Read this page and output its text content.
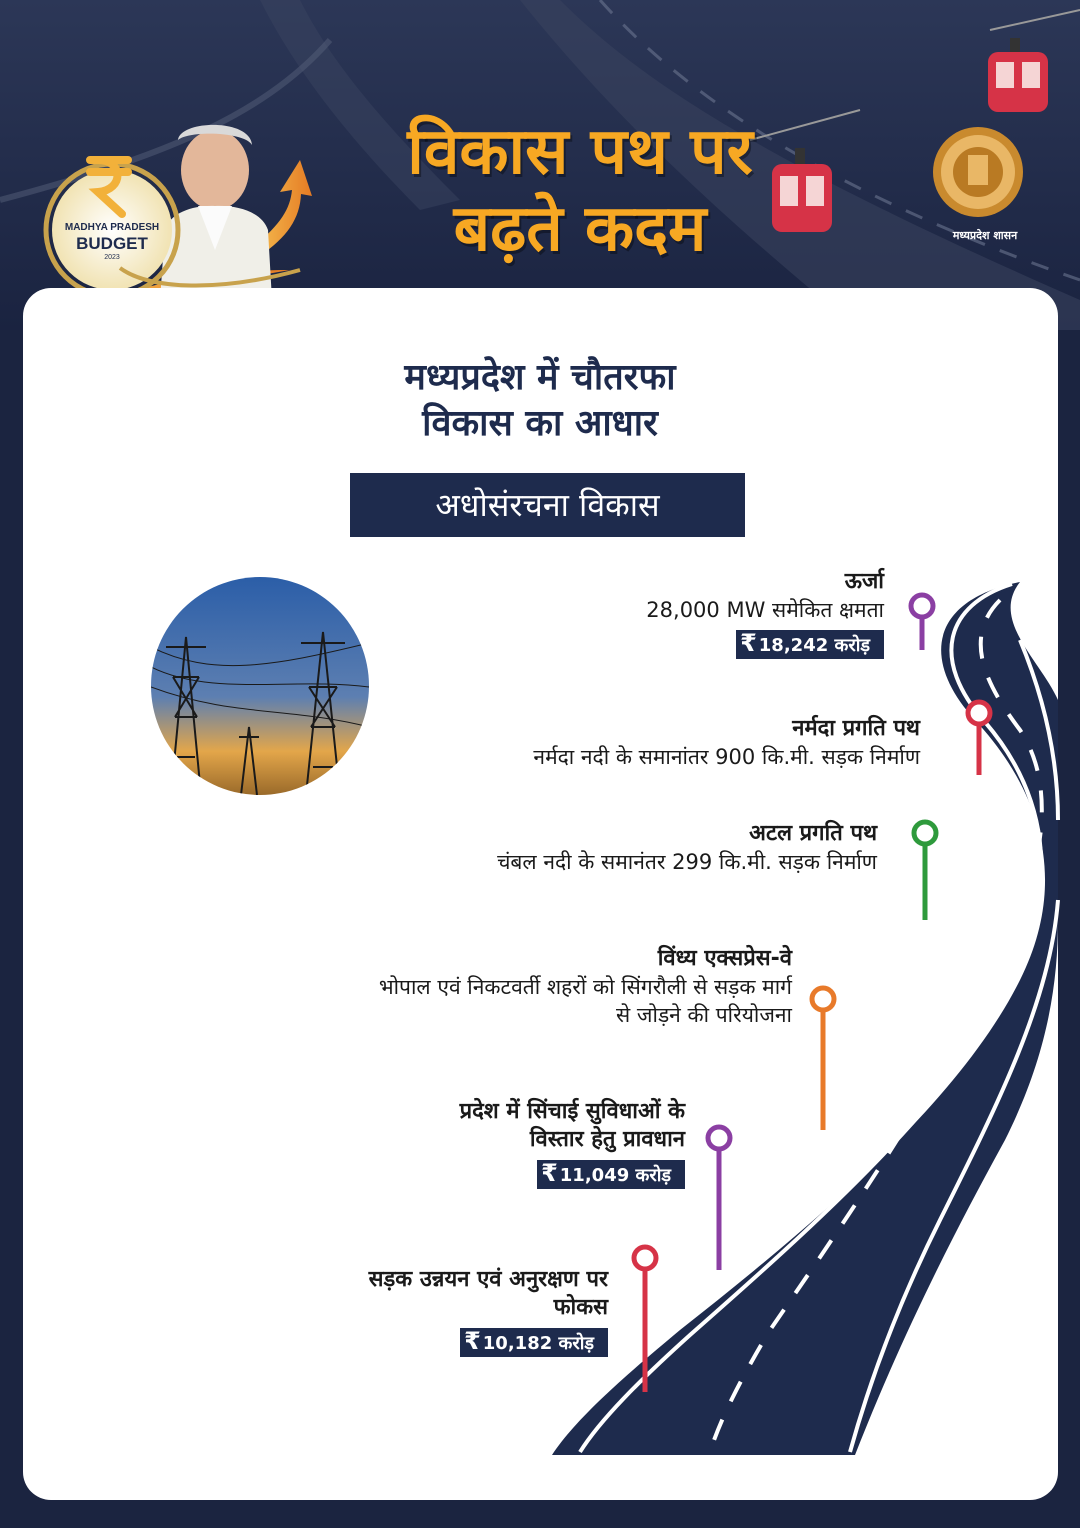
विकास पथ पर
बढ़ते कदम
MADHYA PRADESH
BUDGET
2023
मध्यप्रदेश शासन
मध्यप्रदेश में चौतरफा
विकास का आधार
अधोसंरचना विकास
ऊर्जा
28,000 MW समेकित क्षमता
₹ 18,242 करोड़
नर्मदा प्रगति पथ
नर्मदा नदी के समानांतर 900 कि.मी. सड़क निर्माण
अटल प्रगति पथ
चंबल नदी के समानंतर 299 कि.मी. सड़क निर्माण
विंध्य एक्सप्रेस-वे
भोपाल एवं निकटवर्ती शहरों को सिंगरौली से सड़क मार्ग
से जोड़ने की परियोजना
प्रदेश में सिंचाई सुविधाओं के
विस्तार हेतु प्रावधान
₹ 11,049 करोड़
सड़क उन्नयन एवं अनुरक्षण पर
फोकस
₹ 10,182 करोड़
